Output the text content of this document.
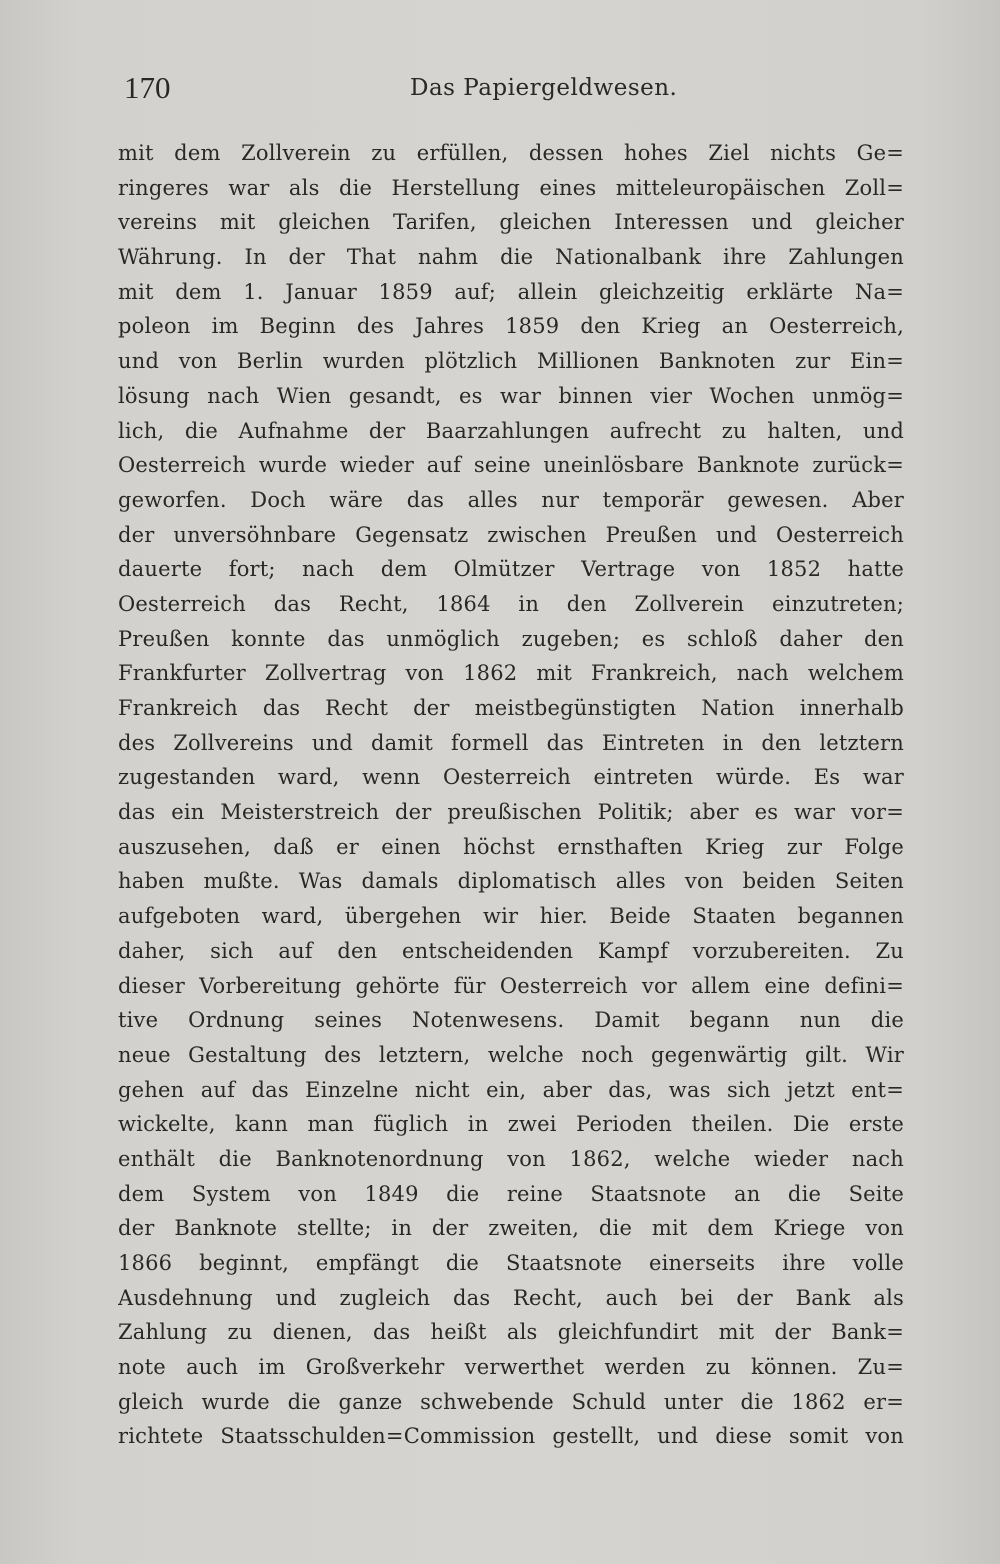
170	Das Papiergeldwesen.
mit dem Zollverein zu erfüllen, dessen hohes Ziel nichts Ge=
ringeres war als die Herstellung eines mitteleuropäischen Zoll=
vereins mit gleichen Tarifen, gleichen Interessen und gleicher
Währung. In der That nahm die Nationalbank ihre Zahlungen
mit dem 1. Januar 1859 auf; allein gleichzeitig erklärte Na=
poleon im Beginn des Jahres 1859 den Krieg an Oesterreich,
und von Berlin wurden plötzlich Millionen Banknoten zur Ein=
lösung nach Wien gesandt, es war binnen vier Wochen unmög=
lich, die Aufnahme der Baarzahlungen aufrecht zu halten, und
Oesterreich wurde wieder auf seine uneinlösbare Banknote zurück=
geworfen. Doch wäre das alles nur temporär gewesen. Aber
der unversöhnbare Gegensatz zwischen Preußen und Oesterreich
dauerte fort; nach dem Olmützer Vertrage von 1852 hatte
Oesterreich das Recht, 1864 in den Zollverein einzutreten;
Preußen konnte das unmöglich zugeben; es schloß daher den
Frankfurter Zollvertrag von 1862 mit Frankreich, nach welchem
Frankreich das Recht der meistbegünstigten Nation innerhalb
des Zollvereins und damit formell das Eintreten in den letztern
zugestanden ward, wenn Oesterreich eintreten würde. Es war
das ein Meisterstreich der preußischen Politik; aber es war vor=
auszusehen, daß er einen höchst ernsthaften Krieg zur Folge
haben mußte. Was damals diplomatisch alles von beiden Seiten
aufgeboten ward, übergehen wir hier. Beide Staaten begannen
daher, sich auf den entscheidenden Kampf vorzubereiten. Zu
dieser Vorbereitung gehörte für Oesterreich vor allem eine defini=
tive Ordnung seines Notenwesens. Damit begann nun die
neue Gestaltung des letztern, welche noch gegenwärtig gilt. Wir
gehen auf das Einzelne nicht ein, aber das, was sich jetzt ent=
wickelte, kann man füglich in zwei Perioden theilen. Die erste
enthält die Banknotenordnung von 1862, welche wieder nach
dem System von 1849 die reine Staatsnote an die Seite
der Banknote stellte; in der zweiten, die mit dem Kriege von
1866 beginnt, empfängt die Staatsnote einerseits ihre volle
Ausdehnung und zugleich das Recht, auch bei der Bank als
Zahlung zu dienen, das heißt als gleichfundirt mit der Bank=
note auch im Großverkehr verwerthet werden zu können. Zu=
gleich wurde die ganze schwebende Schuld unter die 1862 er=
richtete Staatsschulden=Commission gestellt, und diese somit von
